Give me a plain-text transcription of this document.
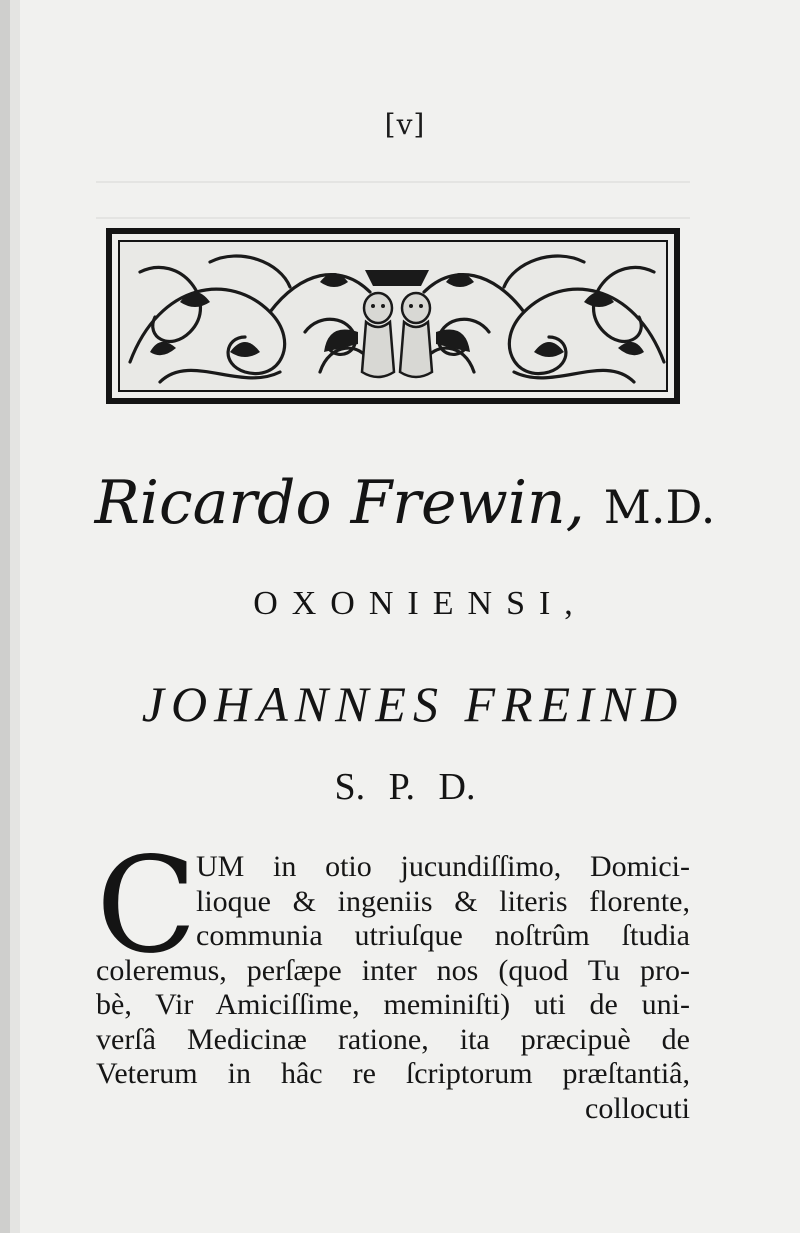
[v]
Ricardo Frewin, M.D.
OXONIENSI,
JOHANNES FREIND
S. P. D.
C UM in otio jucundiſſimo, Domici-
lioque & ingeniis & literis florente,
communia utriuſque noſtrûm ſtudia
coleremus, perſæpe inter nos (quod Tu pro-
bè, Vir Amiciſſime, meminiſti) uti de uni-
verſâ Medicinæ ratione, ita præcipuè de
Veterum in hâc re ſcriptorum præſtantiâ,
collocuti
